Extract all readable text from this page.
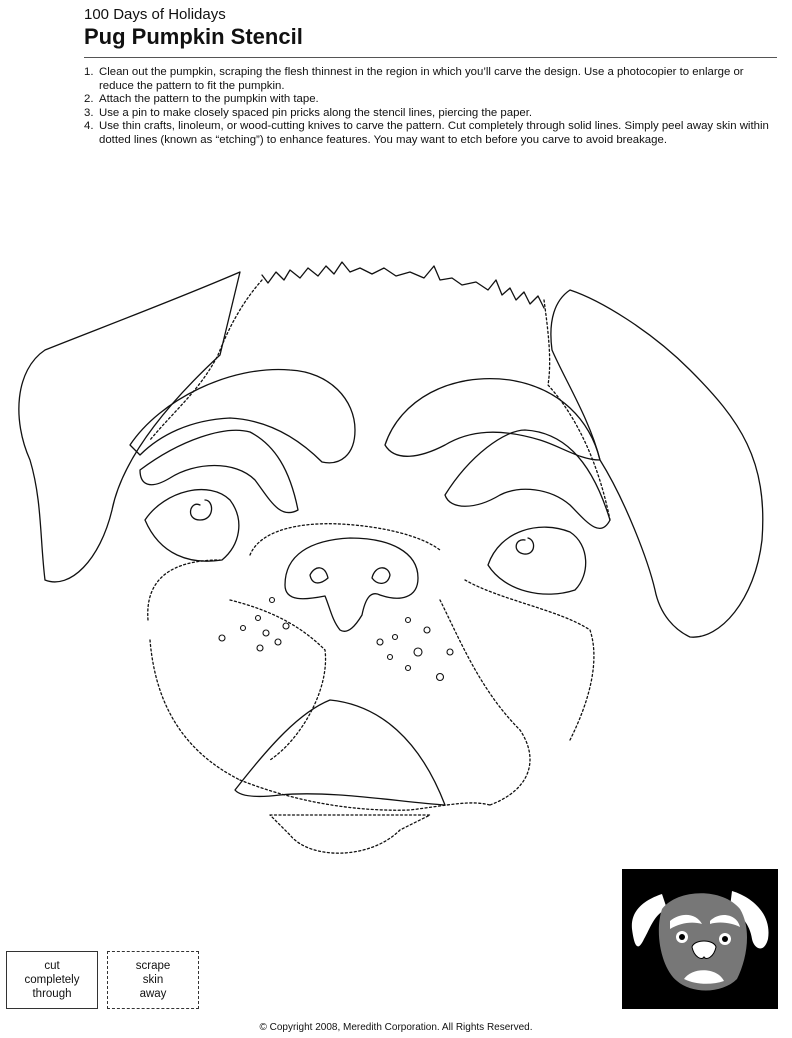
100 Days of Holidays
Pug Pumpkin Stencil
1. Clean out the pumpkin, scraping the flesh thinnest in the region in which you’ll carve the design. Use a photocopier to enlarge or reduce the pattern to fit the pumpkin.
2. Attach the pattern to the pumpkin with tape.
3. Use a pin to make closely spaced pin pricks along the stencil lines, piercing the paper.
4. Use thin crafts, linoleum, or wood-cutting knives to carve the pattern. Cut completely through solid lines. Simply peel away skin within dotted lines (known as “etching”) to enhance features. You may want to etch before you carve to avoid breakage.
cut
completely
through
scrape
skin
away
© Copyright 2008, Meredith Corporation. All Rights Reserved.
